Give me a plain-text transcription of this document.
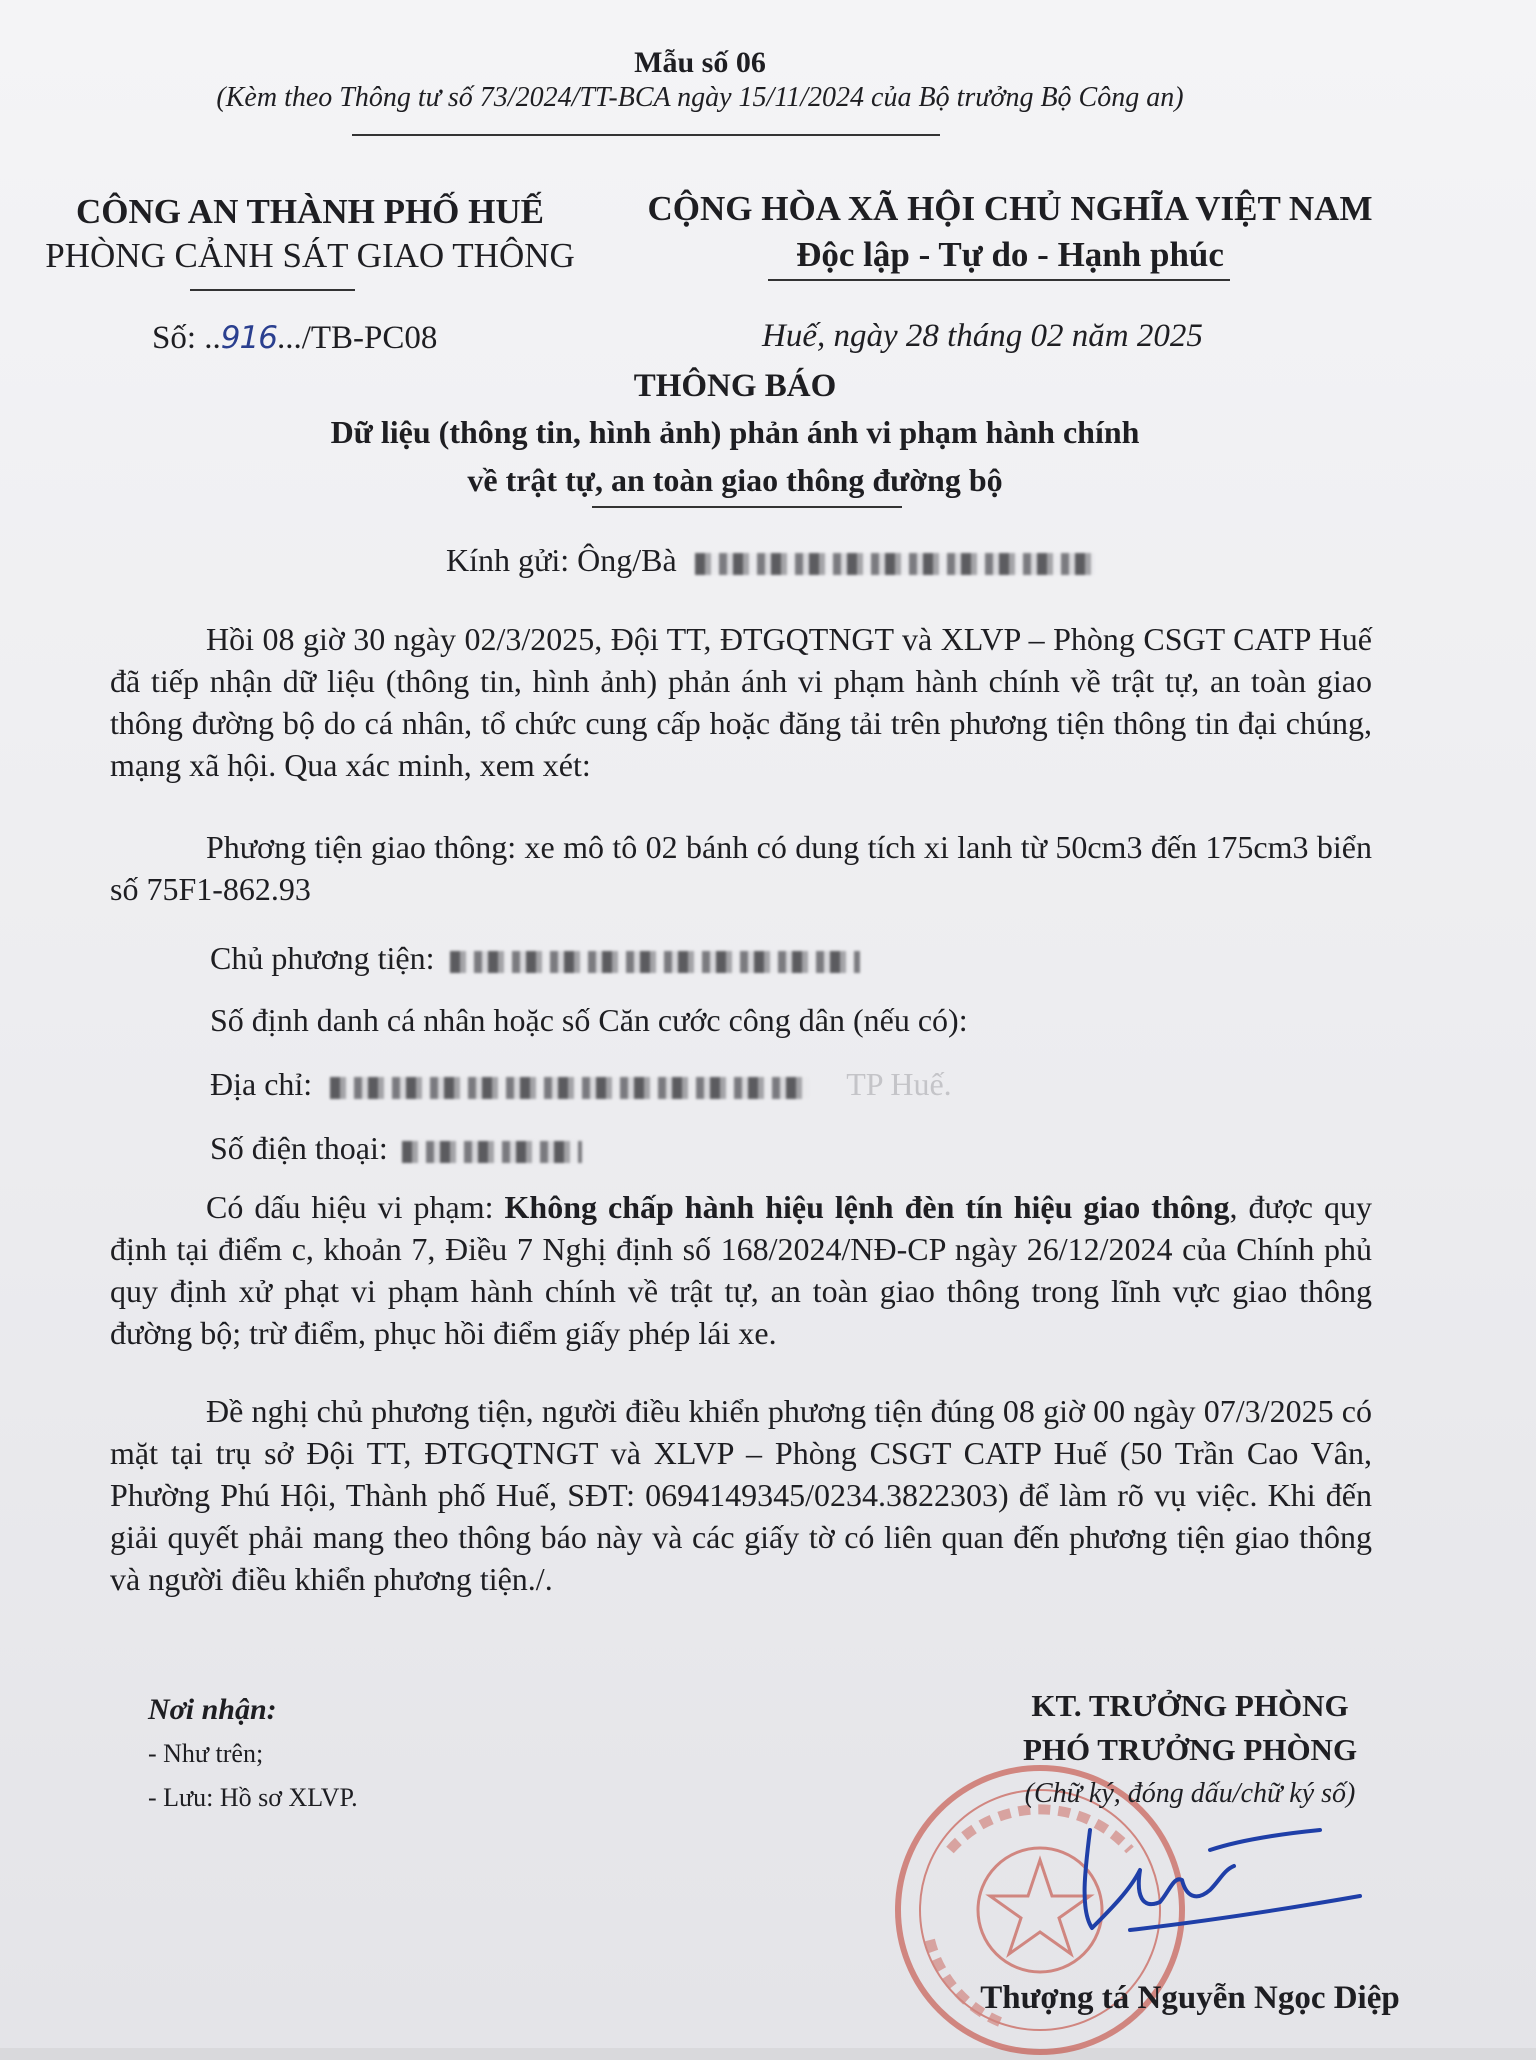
Mẫu số 06
(Kèm theo Thông tư số 73/2024/TT-BCA ngày 15/11/2024 của Bộ trưởng Bộ Công an)
CÔNG AN THÀNH PHỐ HUẾ
PHÒNG CẢNH SÁT GIAO THÔNG
CỘNG HÒA XÃ HỘI CHỦ NGHĨA VIỆT NAM
Độc lập - Tự do - Hạnh phúc
Số: ..916.../TB-PC08	Huế, ngày 28 tháng 02 năm 2025
THÔNG BÁO
Dữ liệu (thông tin, hình ảnh) phản ánh vi phạm hành chính
về trật tự, an toàn giao thông đường bộ
Kính gửi: Ông/Bà

Hồi 08 giờ 30 ngày 02/3/2025, Đội TT, ĐTGQTNGT và XLVP – Phòng CSGT CATP Huế đã tiếp nhận dữ liệu (thông tin, hình ảnh) phản ánh vi phạm hành chính về trật tự, an toàn giao thông đường bộ do cá nhân, tổ chức cung cấp hoặc đăng tải trên phương tiện thông tin đại chúng, mạng xã hội. Qua xác minh, xem xét:

Phương tiện giao thông: xe mô tô 02 bánh có dung tích xi lanh từ 50cm3 đến 175cm3 biển số 75F1-862.93

Chủ phương tiện:
Số định danh cá nhân hoặc số Căn cước công dân (nếu có):
Địa chỉ:	TP Huế.
Số điện thoại:

Có dấu hiệu vi phạm: Không chấp hành hiệu lệnh đèn tín hiệu giao thông, được quy định tại điểm c, khoản 7, Điều 7 Nghị định số 168/2024/NĐ-CP ngày 26/12/2024 của Chính phủ quy định xử phạt vi phạm hành chính về trật tự, an toàn giao thông trong lĩnh vực giao thông đường bộ; trừ điểm, phục hồi điểm giấy phép lái xe.

Đề nghị chủ phương tiện, người điều khiển phương tiện đúng 08 giờ 00 ngày 07/3/2025 có mặt tại trụ sở Đội TT, ĐTGQTNGT và XLVP – Phòng CSGT CATP Huế (50 Trần Cao Vân, Phường Phú Hội, Thành phố Huế, SĐT: 0694149345/0234.3822303) để làm rõ vụ việc. Khi đến giải quyết phải mang theo thông báo này và các giấy tờ có liên quan đến phương tiện giao thông và người điều khiển phương tiện./.

Nơi nhận:
- Như trên;
- Lưu: Hồ sơ XLVP.
KT. TRƯỞNG PHÒNG
PHÓ TRƯỞNG PHÒNG
(Chữ ký, đóng dấu/chữ ký số)
Thượng tá Nguyễn Ngọc Diệp
